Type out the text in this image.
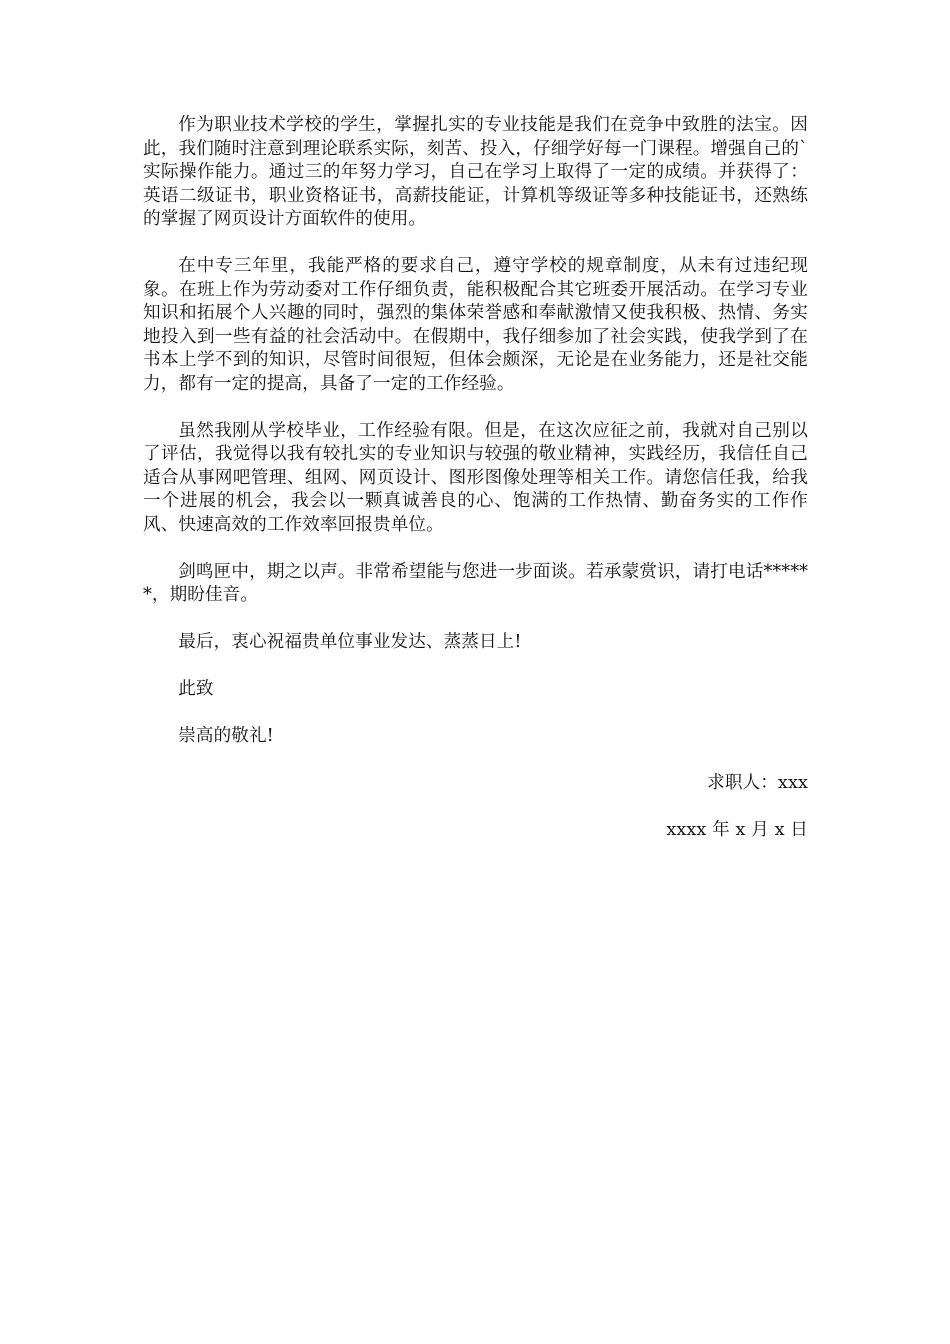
作为职业技术学校的学生，掌握扎实的专业技能是我们在竞争中致胜的法宝。因此，我们随时注意到理论联系实际，刻苦、投入，仔细学好每一门课程。增强自己的`实际操作能力。通过三的年努力学习，自己在学习上取得了一定的成绩。并获得了：英语二级证书，职业资格证书，高薪技能证，计算机等级证等多种技能证书，还熟练的掌握了网页设计方面软件的使用。

在中专三年里，我能严格的要求自己，遵守学校的规章制度，从未有过违纪现象。在班上作为劳动委对工作仔细负责，能积极配合其它班委开展活动。在学习专业知识和拓展个人兴趣的同时，强烈的集体荣誉感和奉献激情又使我积极、热情、务实地投入到一些有益的社会活动中。在假期中，我仔细参加了社会实践，使我学到了在书本上学不到的知识，尽管时间很短，但体会颇深，无论是在业务能力，还是社交能力，都有一定的提高，具备了一定的工作经验。

虽然我刚从学校毕业，工作经验有限。但是，在这次应征之前，我就对自己别以了评估，我觉得以我有较扎实的专业知识与较强的敬业精神，实践经历，我信任自己适合从事网吧管理、组网、网页设计、图形图像处理等相关工作。请您信任我，给我一个进展的机会，我会以一颗真诚善良的心、饱满的工作热情、勤奋务实的工作作风、快速高效的工作效率回报贵单位。

剑鸣匣中，期之以声。非常希望能与您进一步面谈。若承蒙赏识，请打电话******，期盼佳音。

最后，衷心祝福贵单位事业发达、蒸蒸日上!

此致

崇高的敬礼!

求职人：xxx

xxxx 年 x 月 x 日
